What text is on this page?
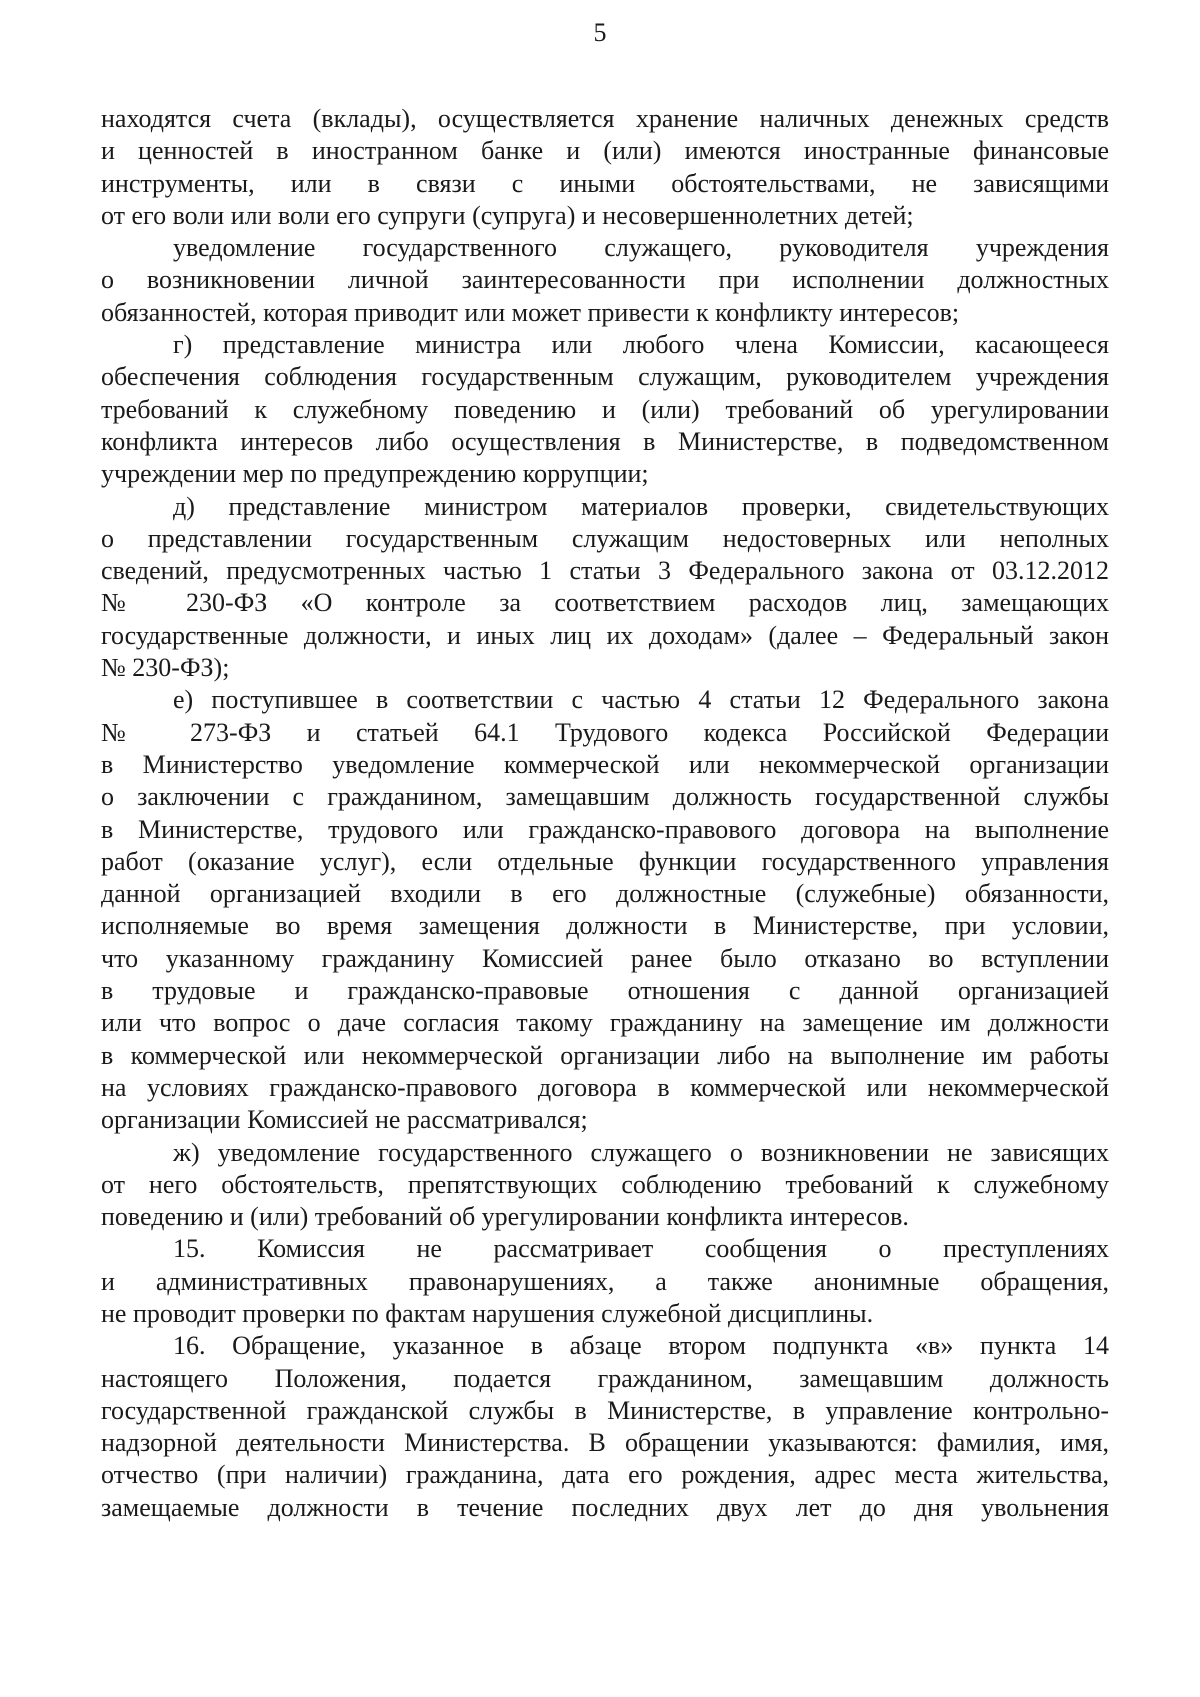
5
находятся счета (вклады), осуществляется хранение наличных денежных средств
и ценностей в иностранном банке и (или) имеются иностранные финансовые
инструменты, или в связи с иными обстоятельствами, не зависящими
от его воли или воли его супруги (супруга) и несовершеннолетних детей;
уведомление государственного служащего, руководителя учреждения
о возникновении личной заинтересованности при исполнении должностных
обязанностей, которая приводит или может привести к конфликту интересов;
г) представление министра или любого члена Комиссии, касающееся
обеспечения соблюдения государственным служащим, руководителем учреждения
требований к служебному поведению и (или) требований об урегулировании
конфликта интересов либо осуществления в Министерстве, в подведомственном
учреждении мер по предупреждению коррупции;
д) представление министром материалов проверки, свидетельствующих
о представлении государственным служащим недостоверных или неполных
сведений, предусмотренных частью 1 статьи 3 Федерального закона от 03.12.2012
№ 230-ФЗ «О контроле за соответствием расходов лиц, замещающих
государственные должности, и иных лиц их доходам» (далее – Федеральный закон
№ 230-ФЗ);
е) поступившее в соответствии с частью 4 статьи 12 Федерального закона
№ 273-ФЗ и статьей 64.1 Трудового кодекса Российской Федерации
в Министерство уведомление коммерческой или некоммерческой организации
о заключении с гражданином, замещавшим должность государственной службы
в Министерстве, трудового или гражданско-правового договора на выполнение
работ (оказание услуг), если отдельные функции государственного управления
данной организацией входили в его должностные (служебные) обязанности,
исполняемые во время замещения должности в Министерстве, при условии,
что указанному гражданину Комиссией ранее было отказано во вступлении
в трудовые и гражданско-правовые отношения с данной организацией
или что вопрос о даче согласия такому гражданину на замещение им должности
в коммерческой или некоммерческой организации либо на выполнение им работы
на условиях гражданско-правового договора в коммерческой или некоммерческой
организации Комиссией не рассматривался;
ж) уведомление государственного служащего о возникновении не зависящих
от него обстоятельств, препятствующих соблюдению требований к служебному
поведению и (или) требований об урегулировании конфликта интересов.
15. Комиссия не рассматривает сообщения о преступлениях
и административных правонарушениях, а также анонимные обращения,
не проводит проверки по фактам нарушения служебной дисциплины.
16. Обращение, указанное в абзаце втором подпункта «в» пункта 14
настоящего Положения, подается гражданином, замещавшим должность
государственной гражданской службы в Министерстве, в управление контрольно-
надзорной деятельности Министерства. В обращении указываются: фамилия, имя,
отчество (при наличии) гражданина, дата его рождения, адрес места жительства,
замещаемые должности в течение последних двух лет до дня увольнения
